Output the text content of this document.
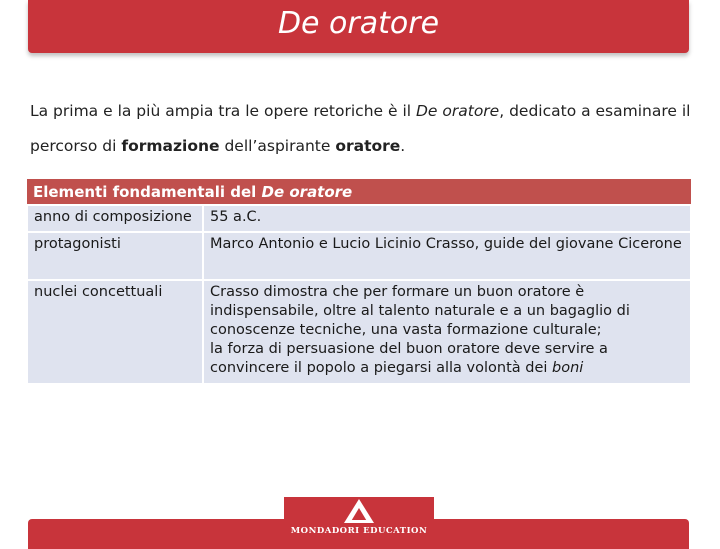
De oratore
La prima e la più ampia tra le opere retoriche è il De oratore, dedicato a esaminare il percorso di formazione dell’aspirante oratore.
Elementi fondamentali del De oratore	
anno di composizione	55 a.C.
protagonisti	Marco Antonio e Lucio Licinio Crasso, guide del giovane Cicerone
nuclei concettuali	Crasso dimostra che per formare un buon oratore è indispensabile, oltre al talento naturale e a un bagaglio di conoscenze tecniche, una vasta formazione culturale;
la forza di persuasione del buon oratore deve servire a convincere il popolo a piegarsi alla volontà dei boni
MONDADORI EDUCATION
